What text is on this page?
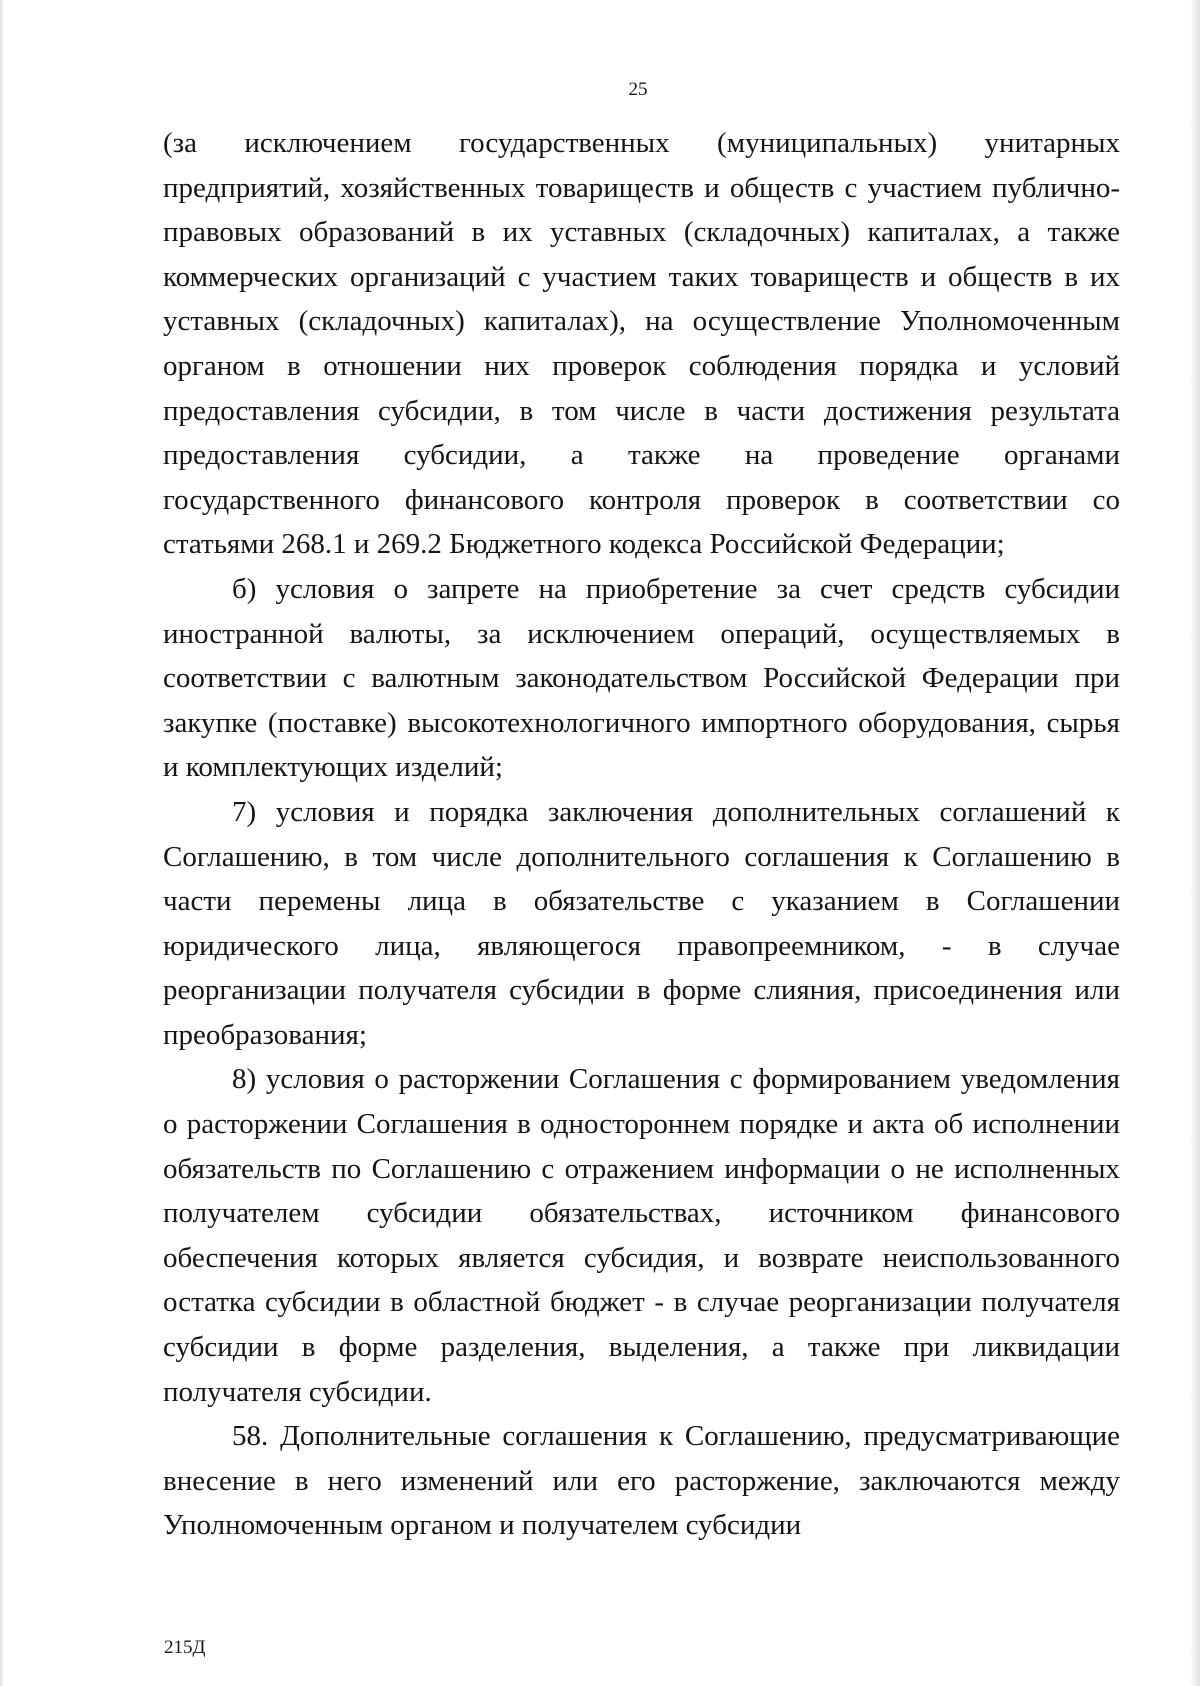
25

(за исключением государственных (муниципальных) унитарных предприятий, хозяйственных товариществ и обществ с участием публично-правовых образований в их уставных (складочных) капиталах, а также коммерческих организаций с участием таких товариществ и обществ в их уставных (складочных) капиталах), на осуществление Уполномоченным органом в отношении них проверок соблюдения порядка и условий предоставления субсидии, в том числе в части достижения результата предоставления субсидии, а также на проведение органами государственного финансового контроля проверок в соответствии со статьями 268.1 и 269.2 Бюджетного кодекса Российской Федерации;

б) условия о запрете на приобретение за счет средств субсидии иностранной валюты, за исключением операций, осуществляемых в соответствии с валютным законодательством Российской Федерации при закупке (поставке) высокотехнологичного импортного оборудования, сырья и комплектующих изделий;

7) условия и порядка заключения дополнительных соглашений к Соглашению, в том числе дополнительного соглашения к Соглашению в части перемены лица в обязательстве с указанием в Соглашении юридического лица, являющегося правопреемником, - в случае реорганизации получателя субсидии в форме слияния, присоединения или преобразования;

8) условия о расторжении Соглашения с формированием уведомления о расторжении Соглашения в одностороннем порядке и акта об исполнении обязательств по Соглашению с отражением информации о не исполненных получателем субсидии обязательствах, источником финансового обеспечения которых является субсидия, и возврате неиспользованного остатка субсидии в областной бюджет - в случае реорганизации получателя субсидии в форме разделения, выделения, а также при ликвидации получателя субсидии.

58. Дополнительные соглашения к Соглашению, предусматривающие внесение в него изменений или его расторжение, заключаются между Уполномоченным органом и получателем субсидии

215Д
